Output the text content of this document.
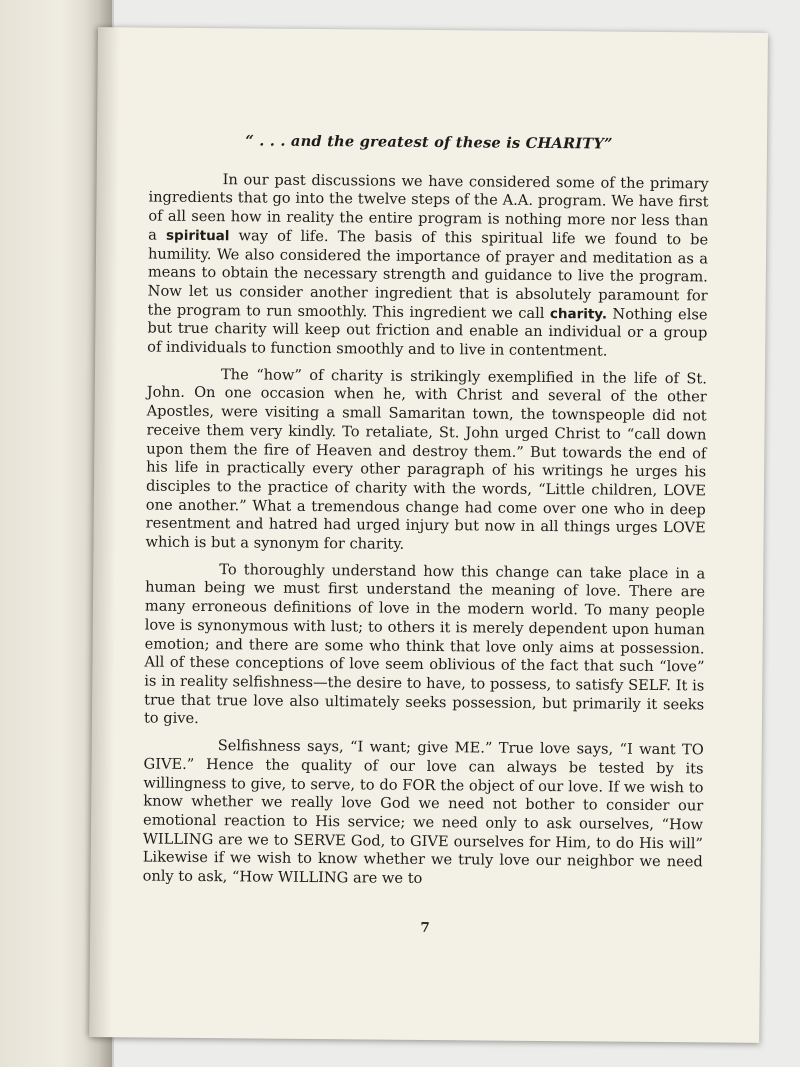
“ . . . and the greatest of these is CHARITY”

In our past discussions we have considered some of the primary ingredients that go into the twelve steps of the A.A. program. We have first of all seen how in reality the entire program is nothing more nor less than a spiritual way of life. The basis of this spiritual life we found to be humility. We also considered the importance of prayer and meditation as a means to obtain the necessary strength and guidance to live the program. Now let us consider another ingredient that is absolutely paramount for the program to run smoothly. This ingredient we call charity. Nothing else but true charity will keep out friction and enable an individual or a group of individuals to function smoothly and to live in contentment.

The “how” of charity is strikingly exemplified in the life of St. John. On one occasion when he, with Christ and several of the other Apostles, were visiting a small Samaritan town, the townspeople did not receive them very kindly. To retaliate, St. John urged Christ to “call down upon them the fire of Heaven and destroy them.” But towards the end of his life in practically every other paragraph of his writings he urges his disciples to the practice of charity with the words, “Little children, LOVE one another.” What a tremendous change had come over one who in deep resentment and hatred had urged injury but now in all things urges LOVE which is but a synonym for charity.

To thoroughly understand how this change can take place in a human being we must first understand the meaning of love. There are many erroneous definitions of love in the modern world. To many people love is synonymous with lust; to others it is merely dependent upon human emotion; and there are some who think that love only aims at possession. All of these conceptions of love seem oblivious of the fact that such “love” is in reality selfishness—the desire to have, to possess, to satisfy SELF. It is true that true love also ultimately seeks possession, but primarily it seeks to give.

Selfishness says, “I want; give ME.” True love says, “I want TO GIVE.” Hence the quality of our love can always be tested by its willingness to give, to serve, to do FOR the object of our love. If we wish to know whether we really love God we need not bother to consider our emotional reaction to His service; we need only to ask ourselves, “How WILLING are we to SERVE God, to GIVE ourselves for Him, to do His will” Likewise if we wish to know whether we truly love our neighbor we need only to ask, “How WILLING are we to

7
